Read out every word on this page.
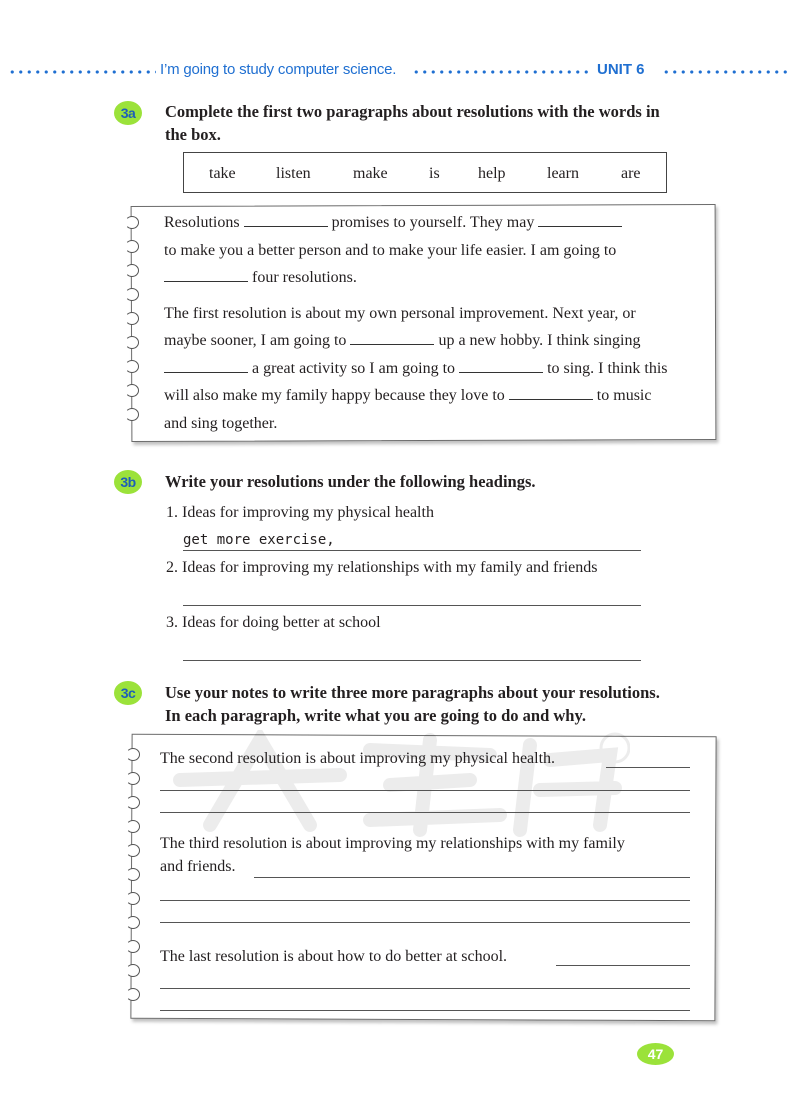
I’m going to study computer science.	UNIT 6
3a	Complete the first two paragraphs about resolutions with the words in
the box.
take	listen	make	is help	learn	are
Resolutions	promises to yourself. They may
to make you a better person and to make your life easier. I am going to
four resolutions.
The first resolution is about my own personal improvement. Next year, or
maybe sooner, I am going to	up a new hobby. I think singing
a great activity so I am going to	to sing. I think this
will also make my family happy because they love to	to music
and sing together.
3b	Write your resolutions under the following headings.
1. Ideas for improving my physical health
get more exercise,
2. Ideas for improving my relationships with my family and friends
3. Ideas for doing better at school
3c	Use your notes to write three more paragraphs about your resolutions.
In each paragraph, write what you are going to do and why.
The second resolution is about improving my physical health.
The third resolution is about improving my relationships with my family
and friends.
The last resolution is about how to do better at school.
47
